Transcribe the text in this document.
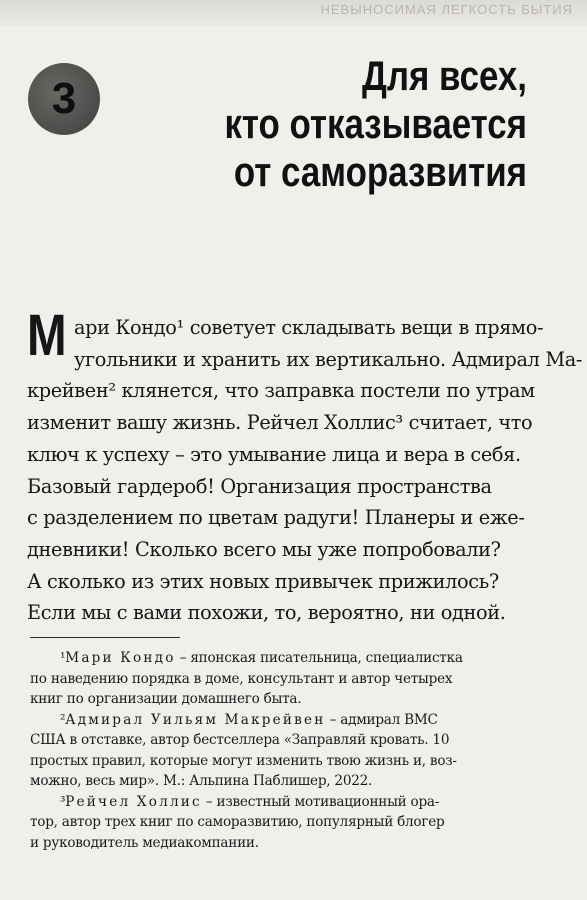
НЕВЫНОСИМАЯ ЛЕГКОСТЬ БЫТИЯ
3	Для всех,
кто отказывается
от саморазвития
М ари Кондо¹ советует складывать вещи в прямо-
угольники и хранить их вертикально. Адмирал Ма-
крейвен² клянется, что заправка постели по утрам
изменит вашу жизнь. Рейчел Холлис³ считает, что
ключ к успеху – это умывание лица и вера в себя.
Базовый гардероб! Организация пространства
с разделением по цветам радуги! Планеры и еже-
дневники! Сколько всего мы уже попробовали?
А сколько из этих новых привычек прижилось?
Если мы с вами похожи, то, вероятно, ни одной.
¹Мари Кондо – японская писательница, специалистка
по наведению порядка в доме, консультант и автор четырех
книг по организации домашнего быта.
²Адмирал Уильям Макрейвен – адмирал ВМС
США в отставке, автор бестселлера «Заправляй кровать. 10
простых правил, которые могут изменить твою жизнь и, воз-
можно, весь мир». М.: Альпина Паблишер, 2022.
³Рейчел Холлис – известный мотивационный ора-
тор, автор трех книг по саморазвитию, популярный блогер
и руководитель медиакомпании.
